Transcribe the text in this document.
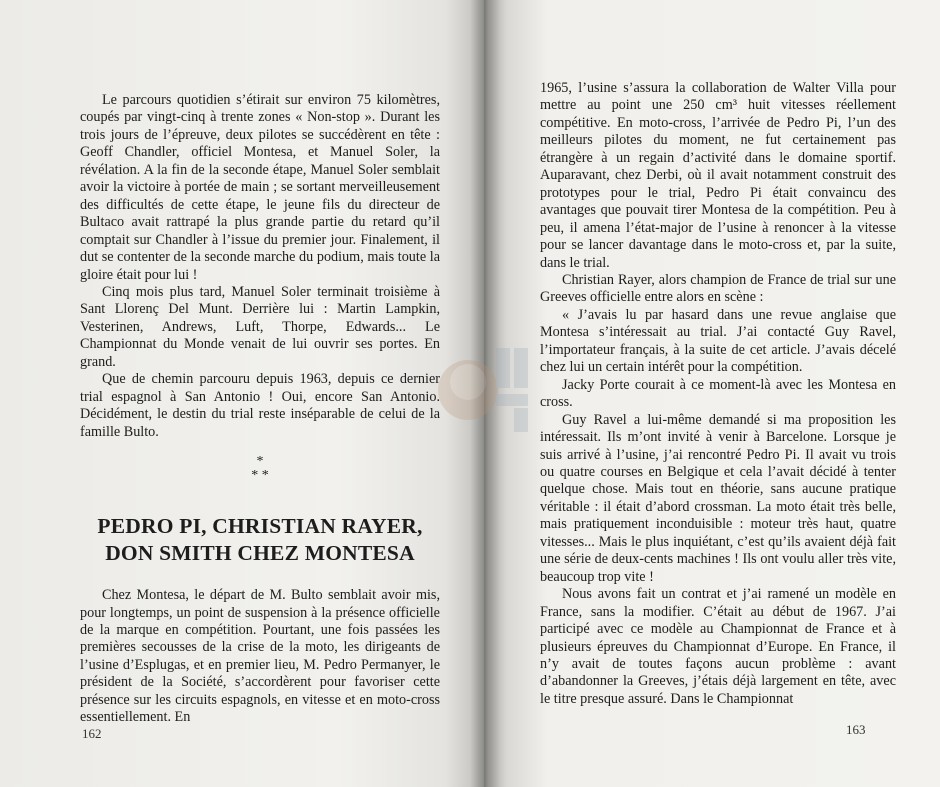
Le parcours quotidien s’étirait sur environ 75 kilomètres, coupés par vingt-cinq à trente zones « Non-stop ». Durant les trois jours de l’épreuve, deux pilotes se succédèrent en tête : Geoff Chandler, officiel Montesa, et Manuel Soler, la révélation. A la fin de la seconde étape, Manuel Soler semblait avoir la victoire à portée de main ; se sortant merveilleusement des difficultés de cette étape, le jeune fils du directeur de Bultaco avait rattrapé la plus grande partie du retard qu’il comptait sur Chandler à l’issue du premier jour. Finalement, il dut se contenter de la seconde marche du podium, mais toute la gloire était pour lui !

Cinq mois plus tard, Manuel Soler terminait troisième à Sant Llorenç Del Munt. Derrière lui : Martin Lampkin, Vesterinen, Andrews, Luft, Thorpe, Edwards... Le Championnat du Monde venait de lui ouvrir ses portes. En grand.

Que de chemin parcouru depuis 1963, depuis ce dernier trial espagnol à San Antonio ! Oui, encore San Antonio. Décidément, le destin du trial reste inséparable de celui de la famille Bulto.

*
* *
PEDRO PI, CHRISTIAN RAYER,
DON SMITH CHEZ MONTESA

Chez Montesa, le départ de M. Bulto semblait avoir mis, pour longtemps, un point de suspension à la présence officielle de la marque en compétition. Pourtant, une fois passées les premières secousses de la crise de la moto, les dirigeants de l’usine d’Esplugas, et en premier lieu, M. Pedro Permanyer, le président de la Société, s’accordèrent pour favoriser cette présence sur les circuits espagnols, en vitesse et en moto-cross essentiellement. En

162

1965, l’usine s’assura la collaboration de Walter Villa pour mettre au point une 250 cm³ huit vitesses réellement compétitive. En moto-cross, l’arrivée de Pedro Pi, l’un des meilleurs pilotes du moment, ne fut certainement pas étrangère à un regain d’activité dans le domaine sportif. Auparavant, chez Derbi, où il avait notamment construit des prototypes pour le trial, Pedro Pi était convaincu des avantages que pouvait tirer Montesa de la compétition. Peu à peu, il amena l’état-major de l’usine à renoncer à la vitesse pour se lancer davantage dans le moto-cross et, par la suite, dans le trial.

Christian Rayer, alors champion de France de trial sur une Greeves officielle entre alors en scène :

« J’avais lu par hasard dans une revue anglaise que Montesa s’intéressait au trial. J’ai contacté Guy Ravel, l’importateur français, à la suite de cet article. J’avais décelé chez lui un certain intérêt pour la compétition.

Jacky Porte courait à ce moment-là avec les Montesa en cross.

Guy Ravel a lui-même demandé si ma proposition les intéressait. Ils m’ont invité à venir à Barcelone. Lorsque je suis arrivé à l’usine, j’ai rencontré Pedro Pi. Il avait vu trois ou quatre courses en Belgique et cela l’avait décidé à tenter quelque chose. Mais tout en théorie, sans aucune pratique véritable : il était d’abord crossman. La moto était très belle, mais pratiquement inconduisible : moteur très haut, quatre vitesses... Mais le plus inquiétant, c’est qu’ils avaient déjà fait une série de deux-cents machines ! Ils ont voulu aller très vite, beaucoup trop vite !

Nous avons fait un contrat et j’ai ramené un modèle en France, sans la modifier. C’était au début de 1967. J’ai participé avec ce modèle au Championnat de France et à plusieurs épreuves du Championnat d’Europe. En France, il n’y avait de toutes façons aucun problème : avant d’abandonner la Greeves, j’étais déjà largement en tête, avec le titre presque assuré. Dans le Championnat

163
